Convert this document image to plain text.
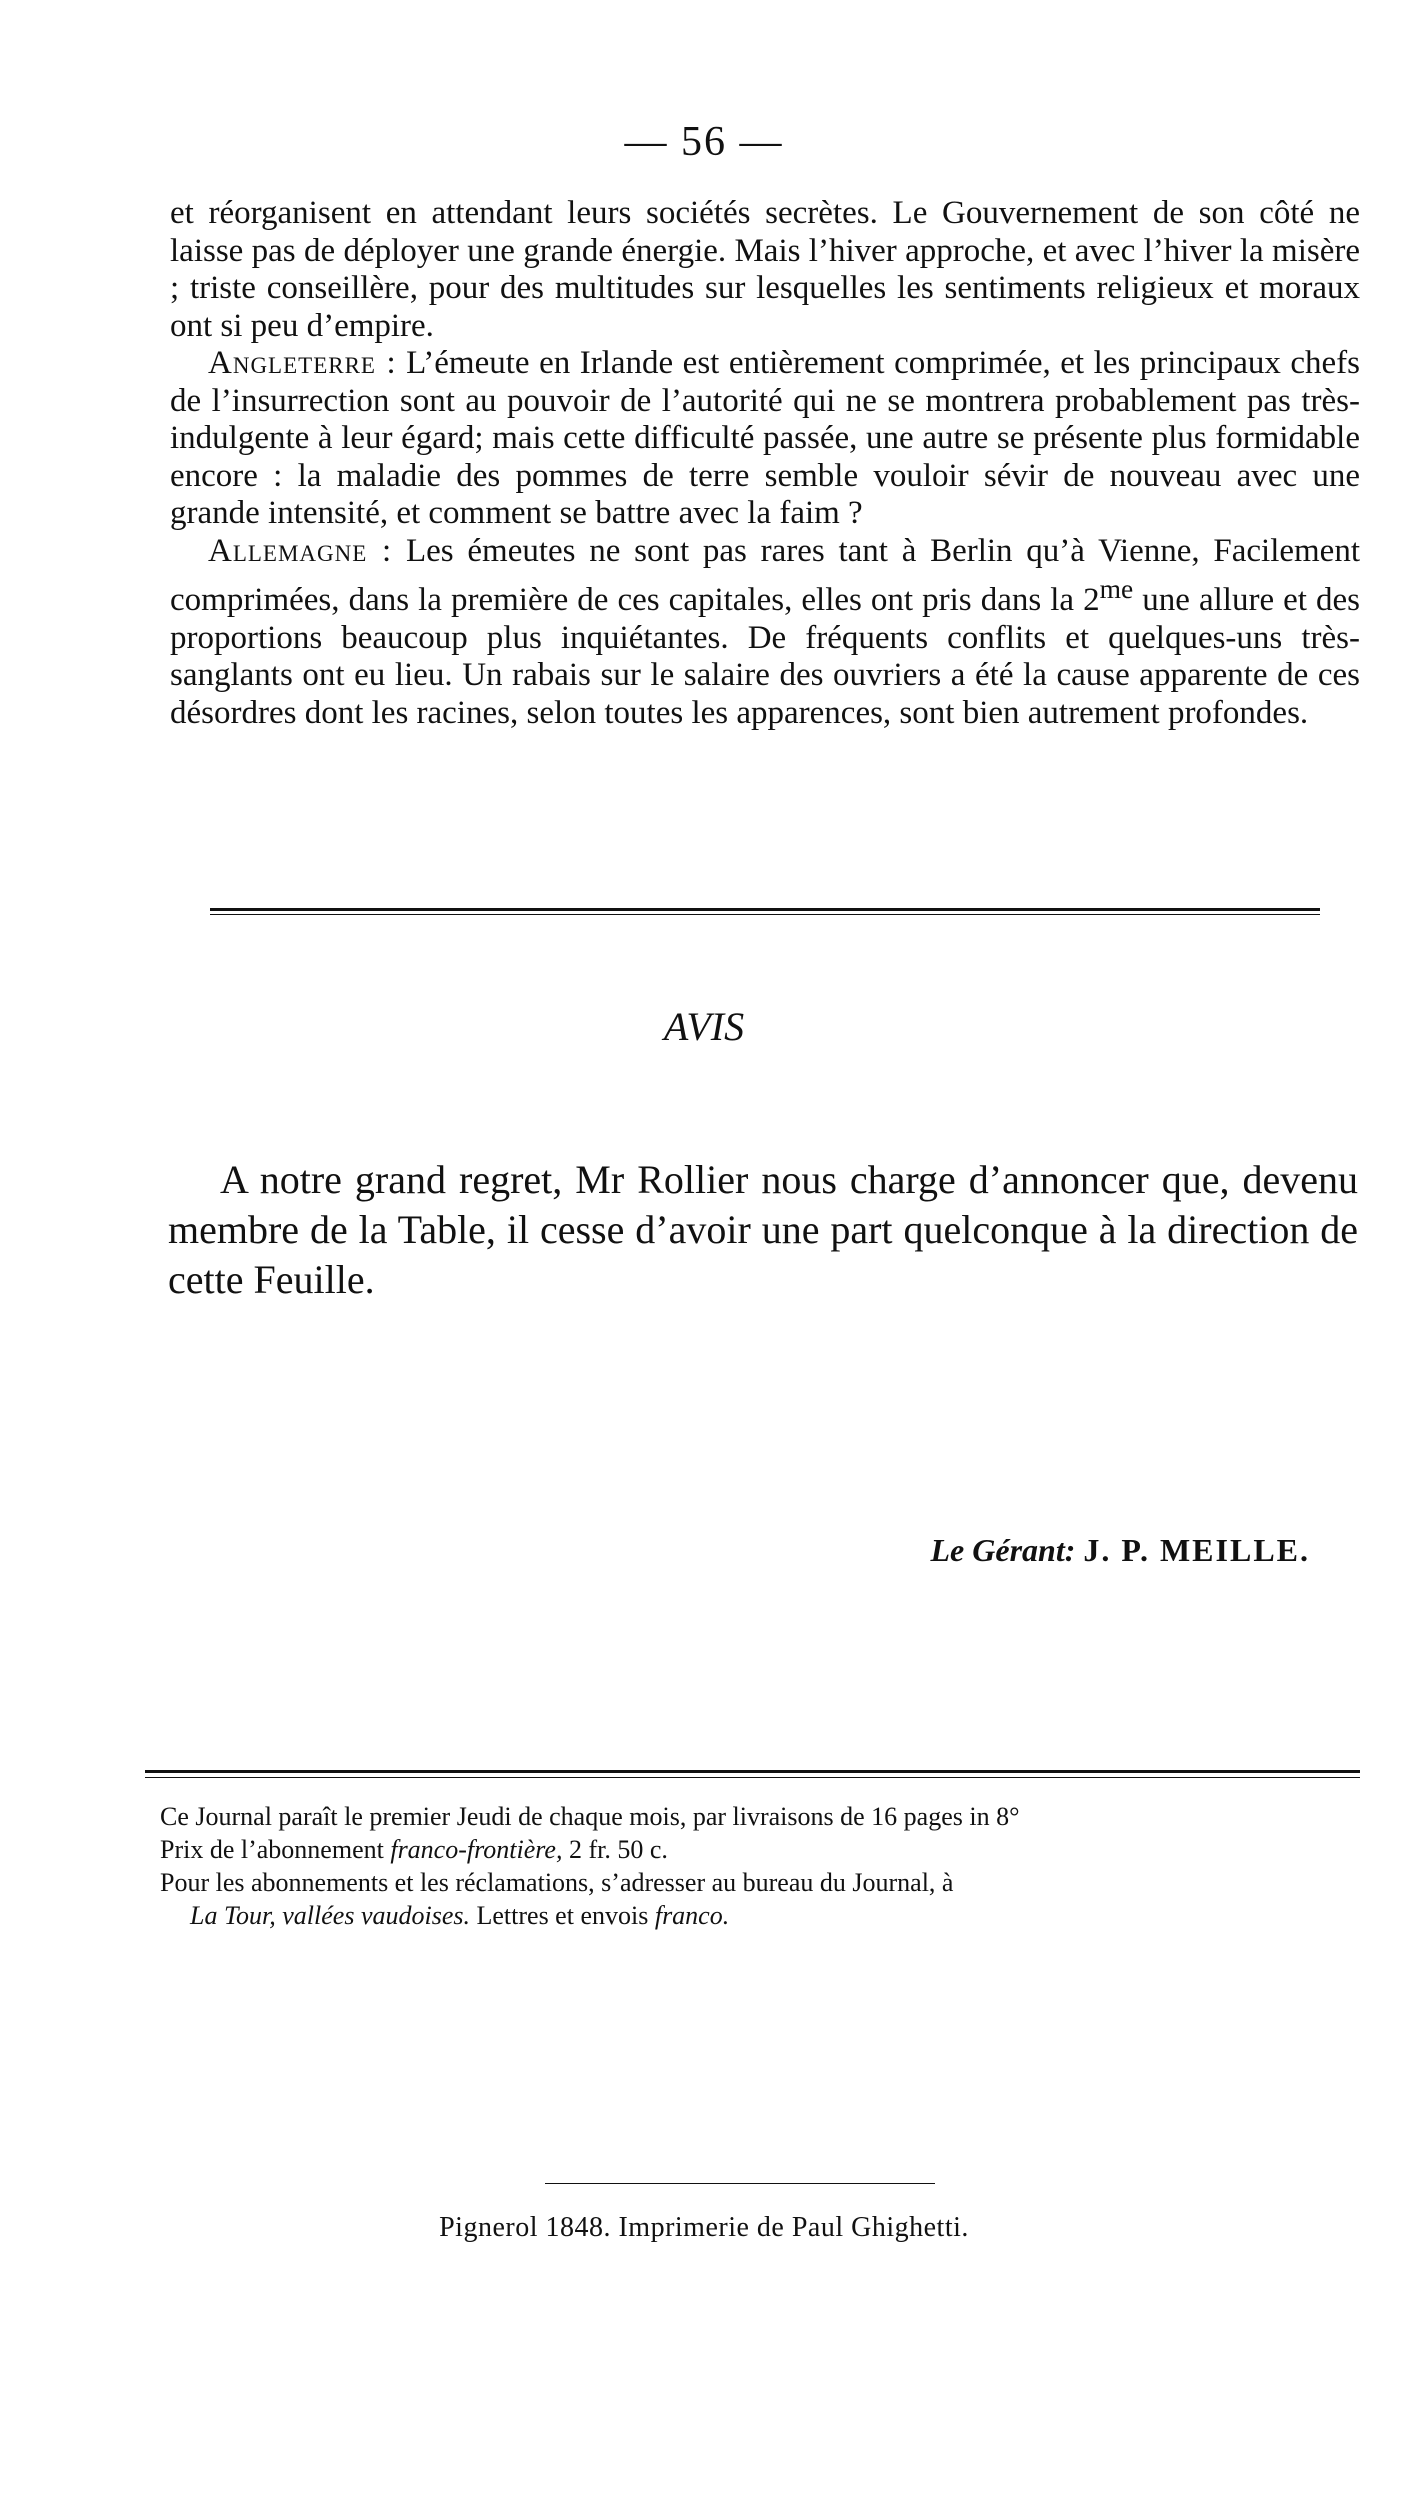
— 56 —

et réorganisent en attendant leurs sociétés secrètes. Le Gouvernement de son côté ne laisse pas de déployer une grande énergie. Mais l’hiver approche, et avec l’hiver la misère ; triste conseillère, pour des multitudes sur lesquelles les sentiments religieux et moraux ont si peu d’empire.

Angleterre : L’émeute en Irlande est entièrement comprimée, et les principaux chefs de l’insurrection sont au pouvoir de l’autorité qui ne se montrera probablement pas très-indulgente à leur égard; mais cette difficulté passée, une autre se présente plus formidable encore : la maladie des pommes de terre semble vouloir sévir de nouveau avec une grande intensité, et comment se battre avec la faim ?

Allemagne : Les émeutes ne sont pas rares tant à Berlin qu’à Vienne, Facilement comprimées, dans la première de ces capitales, elles ont pris dans la $2^{me}$ une allure et des proportions beaucoup plus inquiétantes. De fréquents conflits et quelques-uns très-sanglants ont eu lieu. Un rabais sur le salaire des ouvriers a été la cause apparente de ces désordres dont les racines, selon toutes les apparences, sont bien autrement profondes.

AVIS
A notre grand regret, Mr Rollier nous charge d’annoncer que, devenu membre de la Table, il cesse d’avoir une part quelconque à la direction de cette Feuille.
Le Gérant: J. P. MEILLE.

Ce Journal paraît le premier Jeudi de chaque mois, par livraisons de 16 pages in 8°

Prix de l’abonnement franco-frontière, 2 fr. 50 c.

Pour les abonnements et les réclamations, s’adresser au bureau du Journal, à

La Tour, vallées vaudoises. Lettres et envois franco.

Pignerol 1848. Imprimerie de Paul Ghighetti.
